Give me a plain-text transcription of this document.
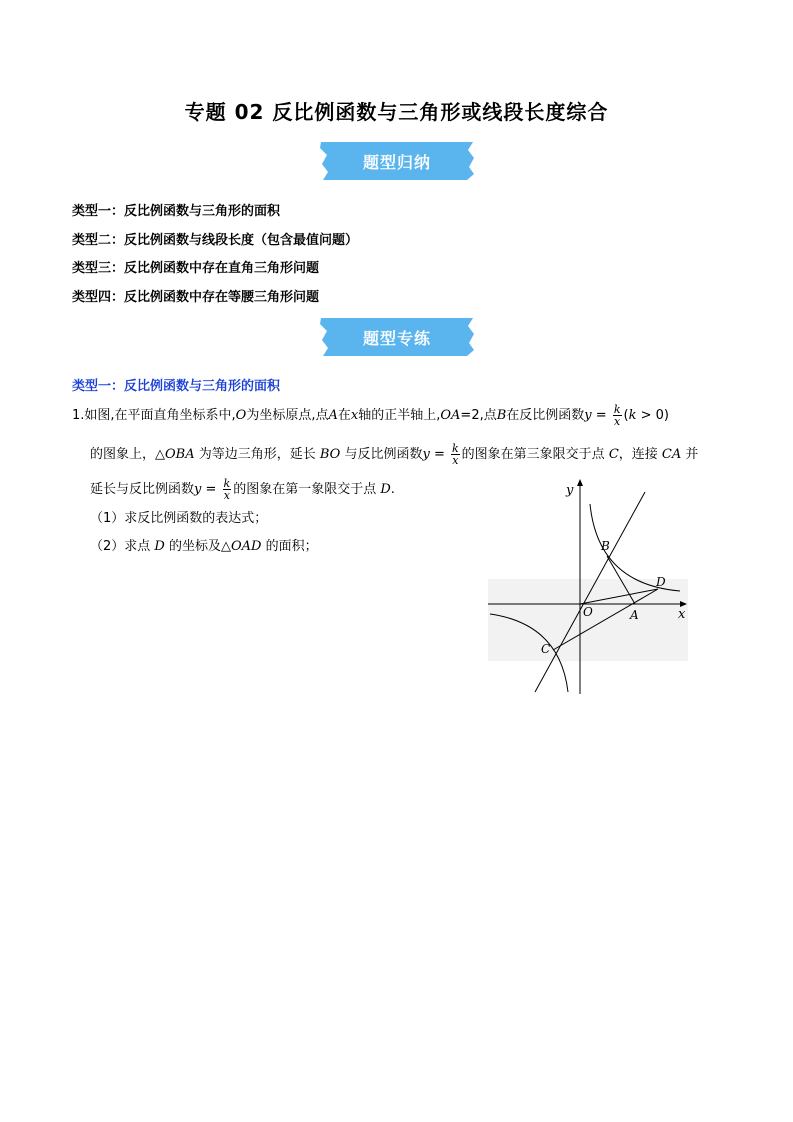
专题 02 反比例函数与三角形或线段长度综合
题型归纳
类型一：反比例函数与三角形的面积
类型二：反比例函数与线段长度（包含最值问题）
类型三：反比例函数中存在直角三角形问题
类型四：反比例函数中存在等腰三角形问题
题型专练
类型一：反比例函数与三角形的面积
1.如图,在平面直角坐标系中,O为坐标原点,点A在x轴的正半轴上,OA=2,点B在反比例函数$y = \frac{k}{x} (k > 0)$
的图象上，△OBA 为等边三角形，延长 BO 与反比例函数$y = \frac{k}{x}$ 的图象在第三象限交于点 C，连接 CA 并
延长与反比例函数$y = \frac{k}{x}$ 的图象在第一象限交于点 D.
（1）求反比例函数的表达式；
（2）求点 D 的坐标及△OAD 的面积；
y
x
O	A
B
C
D
